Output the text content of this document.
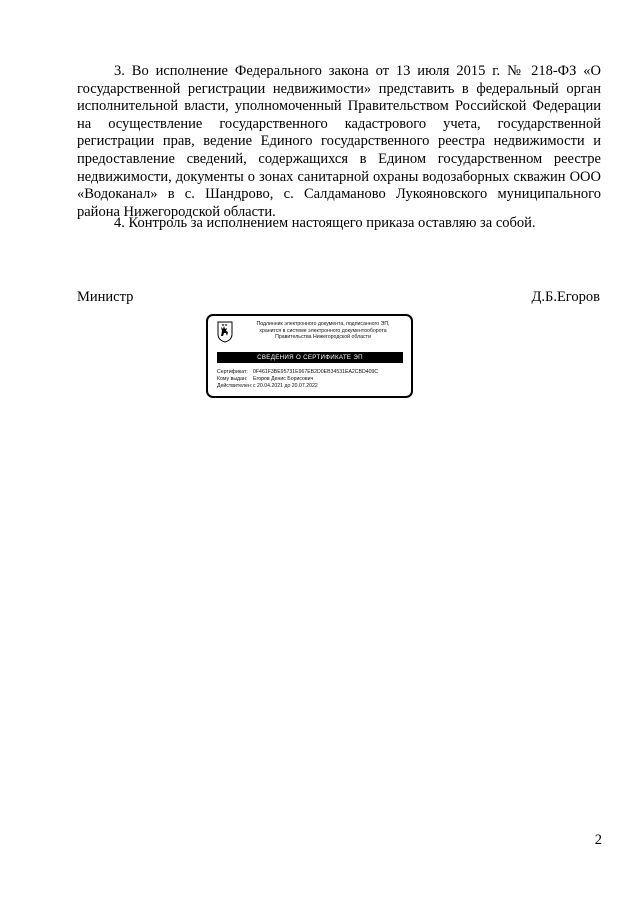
3. Во исполнение Федерального закона от 13 июля 2015 г. № 218-ФЗ «О государственной регистрации недвижимости» представить в федеральный орган исполнительной власти, уполномоченный Правительством Российской Федерации на осуществление государственного кадастрового учета, государственной регистрации прав, ведение Единого государственного реестра недвижимости и предоставление сведений, содержащихся в Едином государственном реестре недвижимости, документы о зонах санитарной охраны водозаборных скважин ООО «Водоканал» в с. Шандрово, с. Салдаманово Лукояновского муниципального района Нижегородской области.

4. Контроль за исполнением настоящего приказа оставляю за собой.

Министр	Д.Б.Егоров
Подлинник электронного документа, подписанного ЭП,
хранится в системе электронного документооборота
Правительства Нижегородской области
СВЕДЕНИЯ О СЕРТИФИКАТЕ ЭП
Сертификат: 0F461F3BE95731E967EB2D0EB34531EA2CBD409C
Кому выдан: Егоров Денис Борисович
Действителен:с 20.04.2021 до 20.07.2022
2
